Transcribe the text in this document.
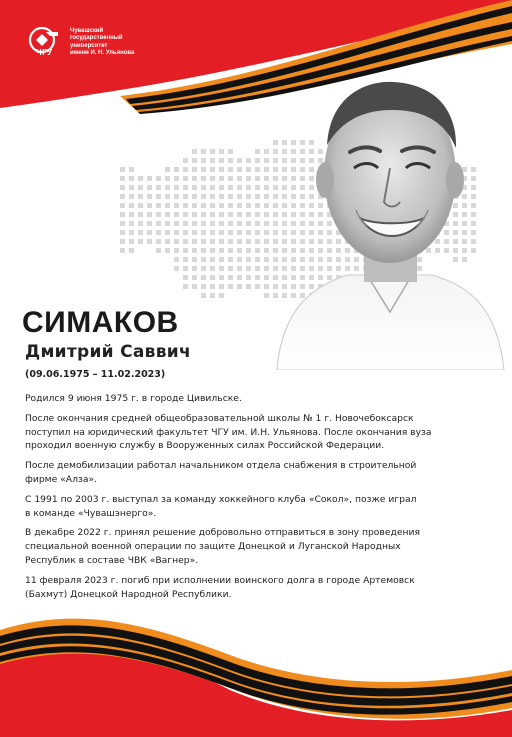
ЧГУ
Чувашский
государственный
университет
имени И. Н. Ульянова
СИМАКОВ
Дмитрий Саввич
(09.06.1975 – 11.02.2023)

Родился 9 июня 1975 г. в городе Цивильске.

После окончания средней общеобразовательной школы № 1 г. Новочебоксарск
поступил на юридический факультет ЧГУ им. И.Н. Ульянова. После окончания вуза
проходил военную службу в Вооруженных силах Российской Федерации.

После демобилизации работал начальником отдела снабжения в строительной
фирме «Алза».

С 1991 по 2003 г. выступал за команду хоккейного клуба «Сокол», позже играл
в команде «Чувашэнерго».

В декабре 2022 г. принял решение добровольно отправиться в зону проведения
специальной военной операции по защите Донецкой и Луганской Народных
Республик в составе ЧВК «Вагнер».

11 февраля 2023 г. погиб при исполнении воинского долга в городе Артемовск
(Бахмут) Донецкой Народной Республики.
